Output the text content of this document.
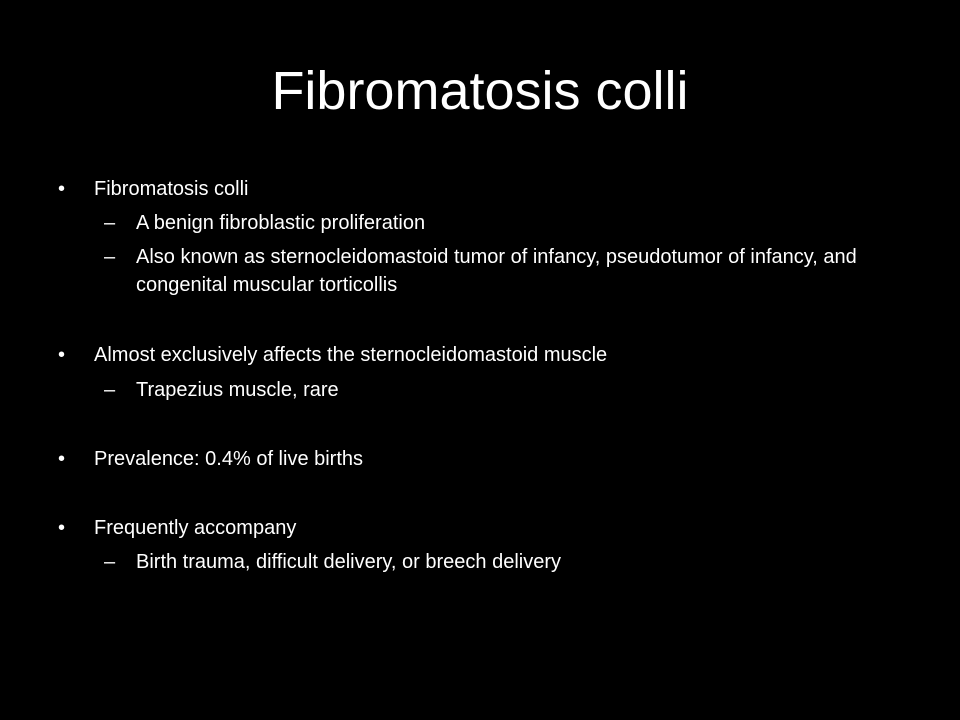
Fibromatosis colli
• Fibromatosis colli
– A benign fibroblastic proliferation
– Also known as sternocleidomastoid tumor of infancy, pseudotumor of infancy, and congenital muscular torticollis
• Almost exclusively affects the sternocleidomastoid muscle
– Trapezius muscle, rare
• Prevalence: 0.4% of live births
• Frequently accompany
– Birth trauma, difficult delivery, or breech delivery
